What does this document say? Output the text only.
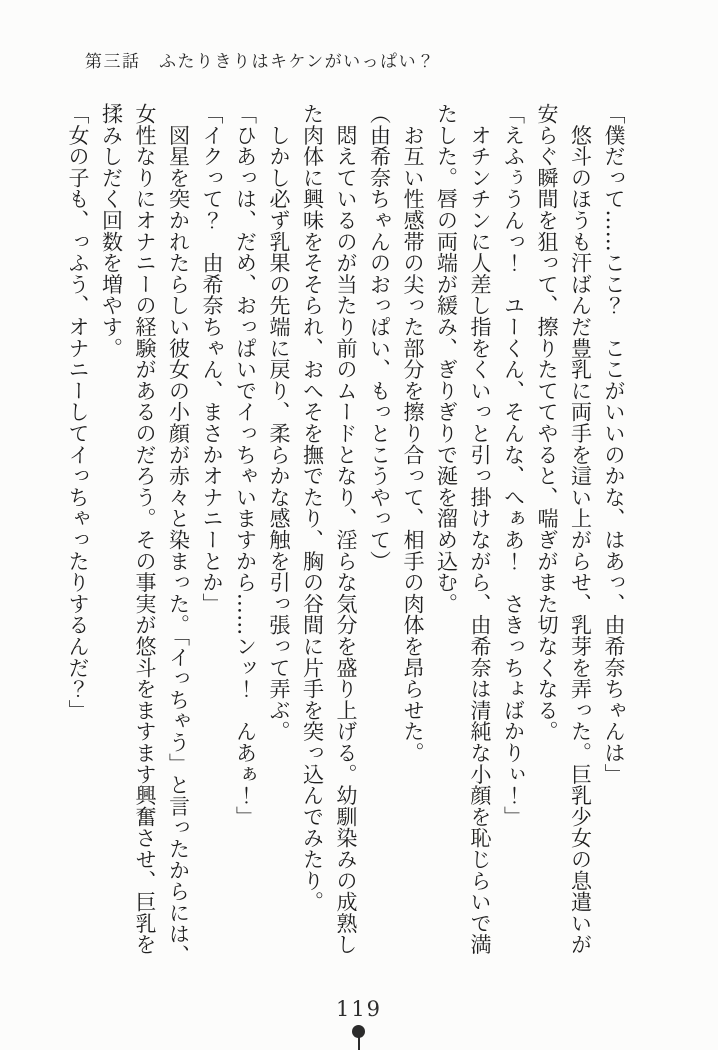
第三話　ふたりきりはキケンがいっぱい？
「僕だって……ここ？　ここがいいのかな、はあっ、由希奈ちゃんは」
　悠斗のほうも汗ばんだ豊乳に両手を這い上がらせ、乳芽を弄った。巨乳少女の息遣いが
安らぐ瞬間を狙って、擦りたててやると、喘ぎがまた切なくなる。
「えふぅうんっ！　ユーくん、そんな、へぁあ！　さきっちょばかりぃ！」
　オチンチンに人差し指をくいっと引っ掛けながら、由希奈は清純な小顔を恥じらいで満
たした。唇の両端が緩み、ぎりぎりで涎を溜め込む。
　お互い性感帯の尖った部分を擦り合って、相手の肉体を昂らせた。
（由希奈ちゃんのおっぱい、もっとこうやって）
　悶えているのが当たり前のムードとなり、淫らな気分を盛り上げる。幼馴染みの成熟し
た肉体に興味をそそられ、おへそを撫でたり、胸の谷間に片手を突っ込んでみたり。
　しかし必ず乳果の先端に戻り、柔らかな感触を引っ張って弄ぶ。
「ひあっは、だめ、おっぱいでイっちゃいますから……ンッ！　んあぁ！」
「イクって？　由希奈ちゃん、まさかオナニーとか」
　図星を突かれたらしい彼女の小顔が赤々と染まった。「イっちゃう」と言ったからには、
女性なりにオナニーの経験があるのだろう。その事実が悠斗をますます興奮させ、巨乳を
揉みしだく回数を増やす。
「女の子も、っふう、オナニーしてイっちゃったりするんだ？」
119
